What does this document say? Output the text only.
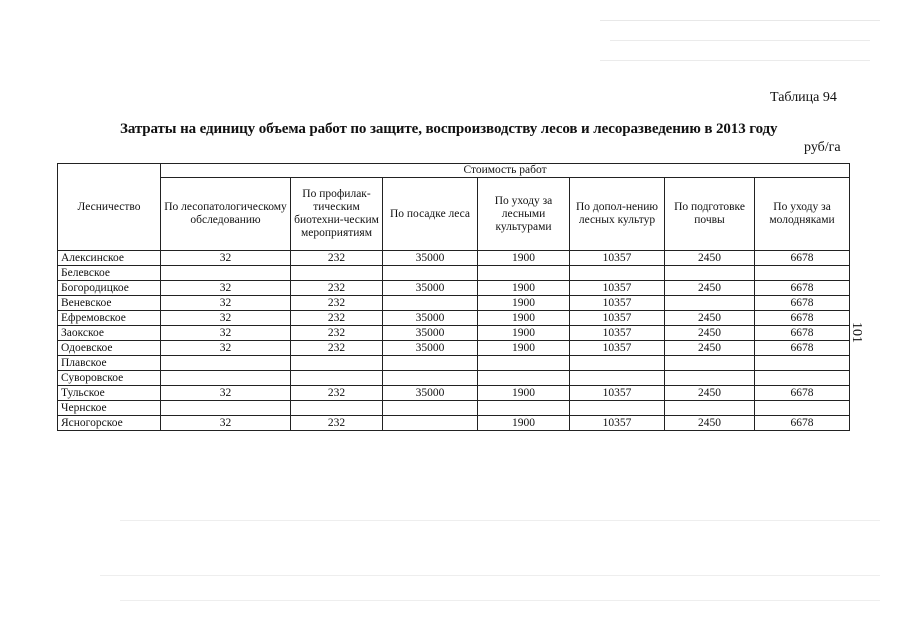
Таблица 94
Затраты на единицу объема работ по защите, воспроизводству лесов и лесоразведению в 2013 году
руб/га
101
Лесничество	Стоимость работ						
	По лесопатологическому обследованию	По профилак-тическим биотехни-ческим мероприятиям	По посадке леса	По уходу за лесными культурами	По допол-нению лесных культур	По подготовке почвы	По уходу за молодняками
Алексинское	32	232	35000	1900	10357	2450	6678
Белевское							
Богородицкое	32	232	35000	1900	10357	2450	6678
Веневское	32	232		1900	10357		6678
Ефремовское	32	232	35000	1900	10357	2450	6678
Заокское	32	232	35000	1900	10357	2450	6678
Одоевское	32	232	35000	1900	10357	2450	6678
Плавское							
Суворовское							
Тульское	32	232	35000	1900	10357	2450	6678
Чернское							
Ясногорское	32	232		1900	10357	2450	6678
